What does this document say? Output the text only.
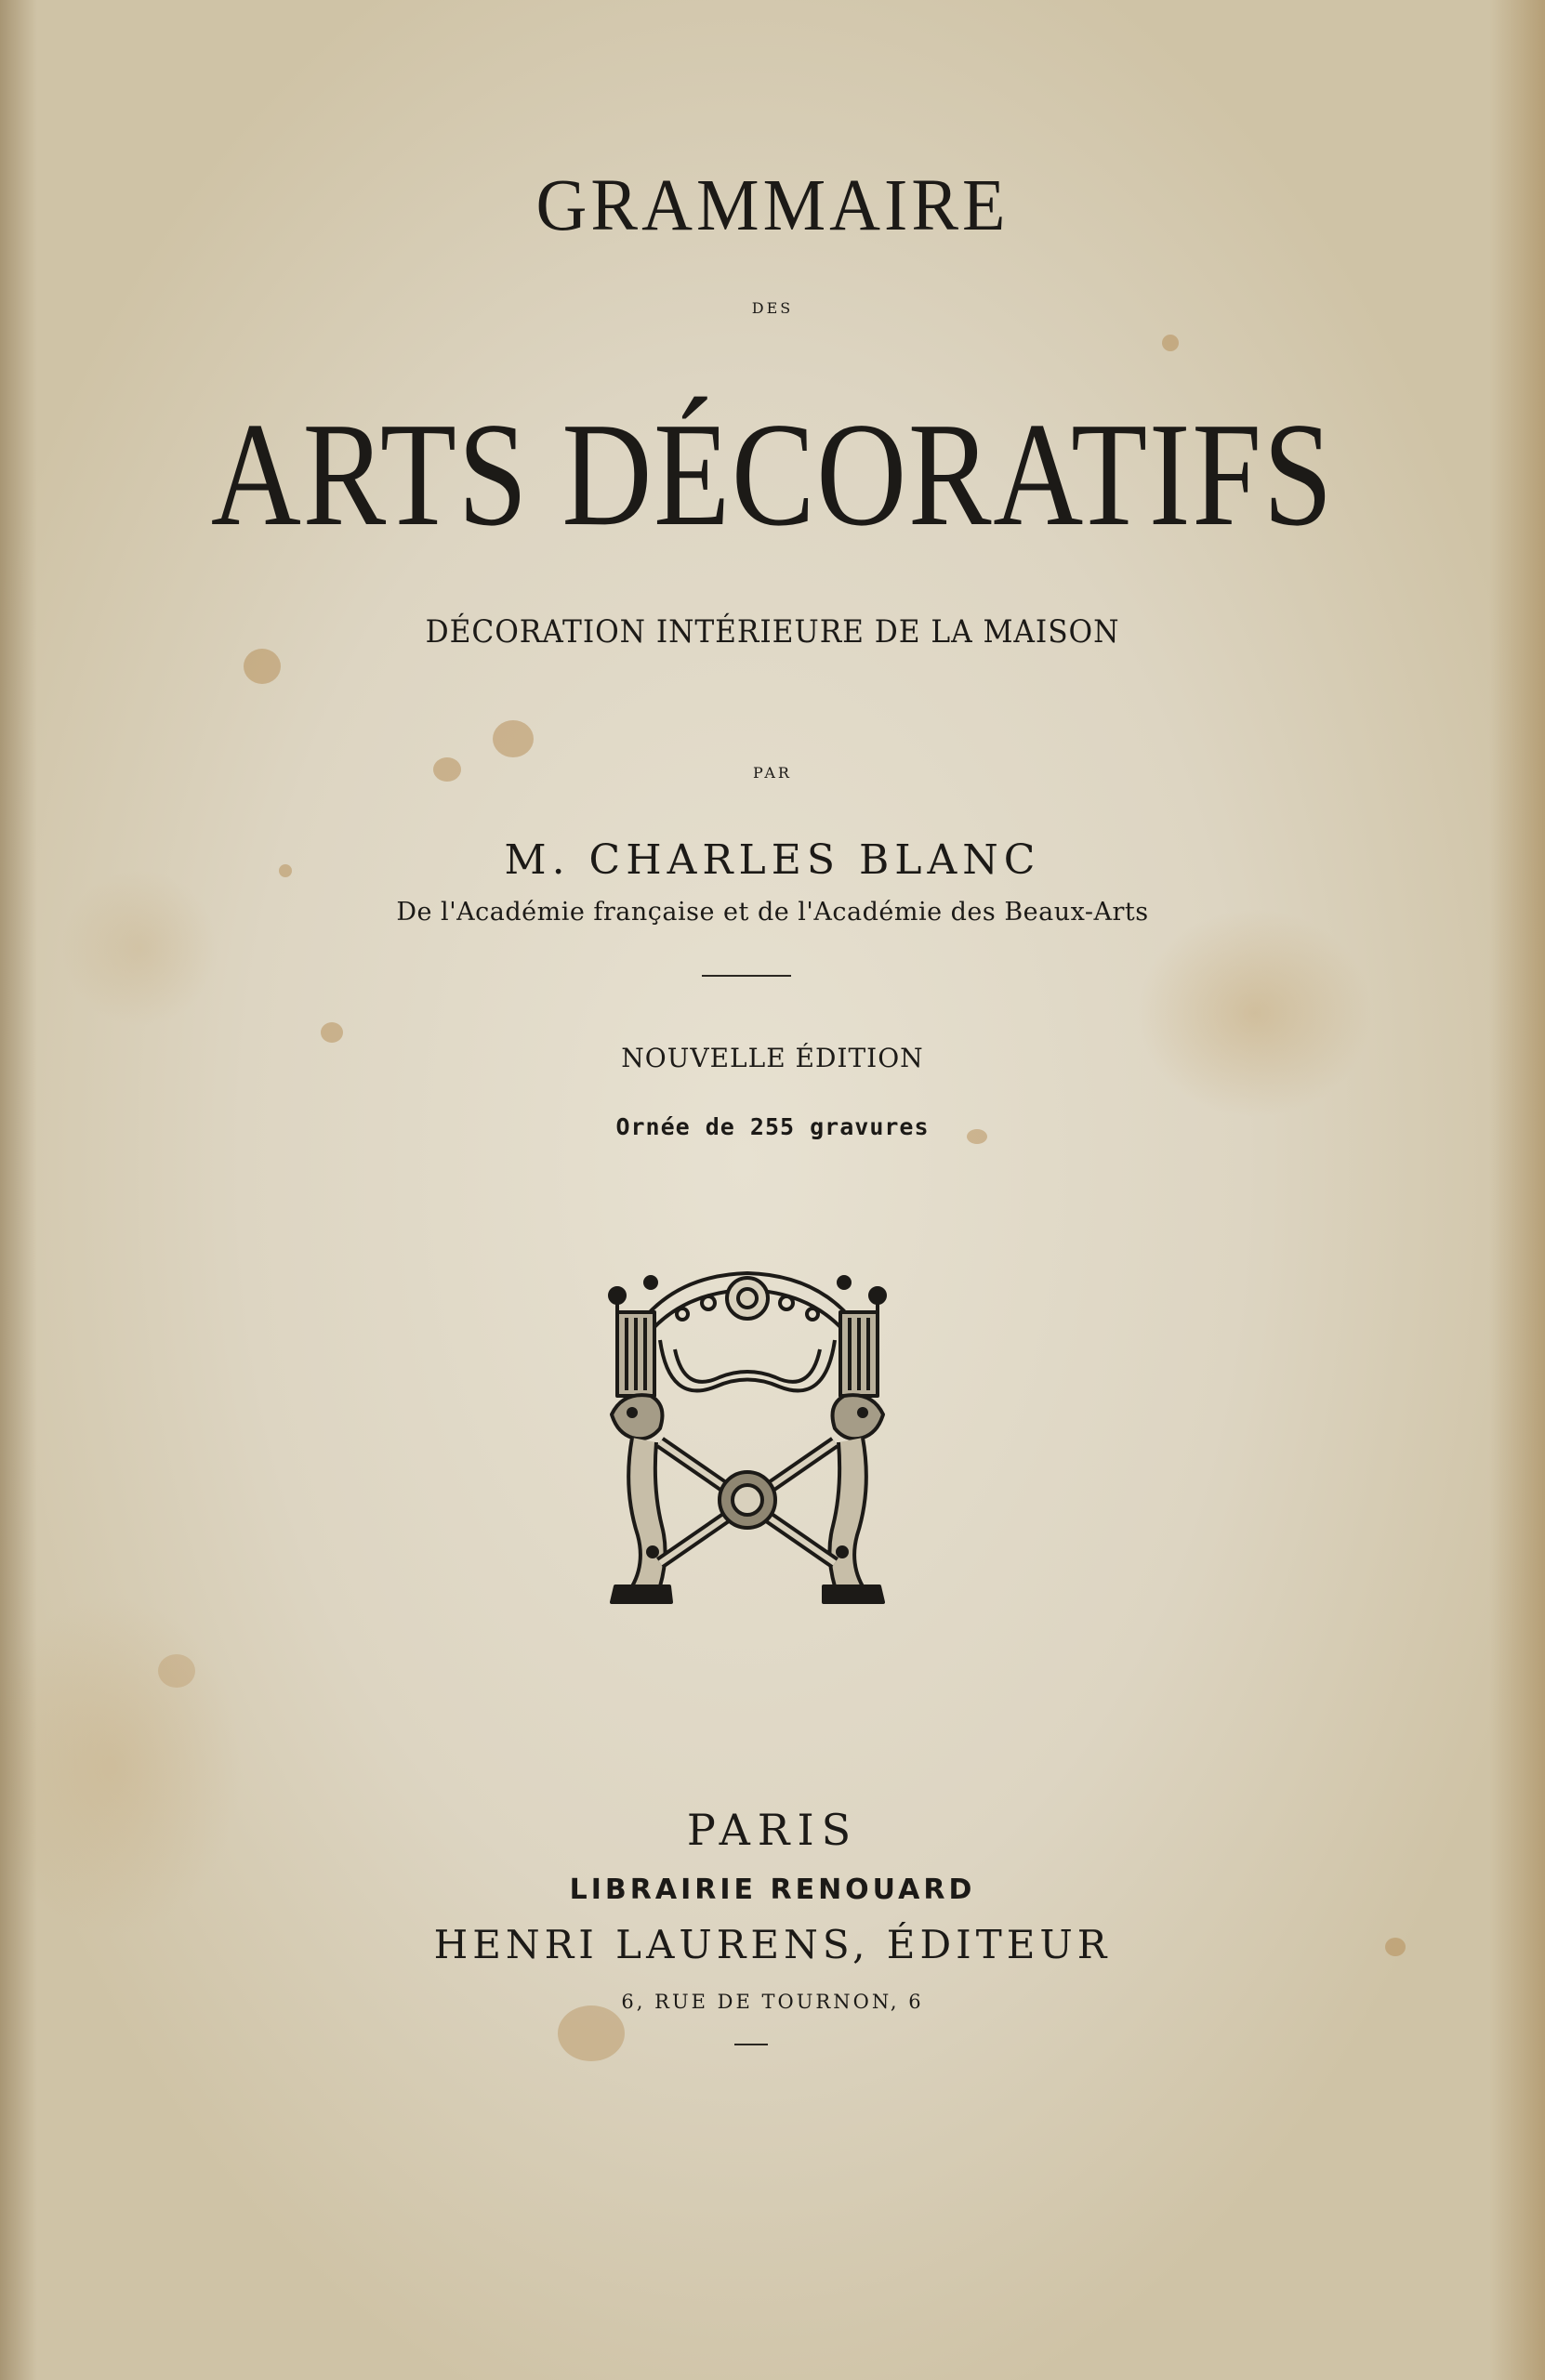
GRAMMAIRE
DES
ARTS DÉCORATIFS
DÉCORATION INTÉRIEURE DE LA MAISON
PAR
M. CHARLES BLANC
De l'Académie française et de l'Académie des Beaux-Arts
NOUVELLE ÉDITION
Ornée de 255 gravures
PARIS
LIBRAIRIE RENOUARD
HENRI LAURENS, ÉDITEUR
6, RUE DE TOURNON, 6
